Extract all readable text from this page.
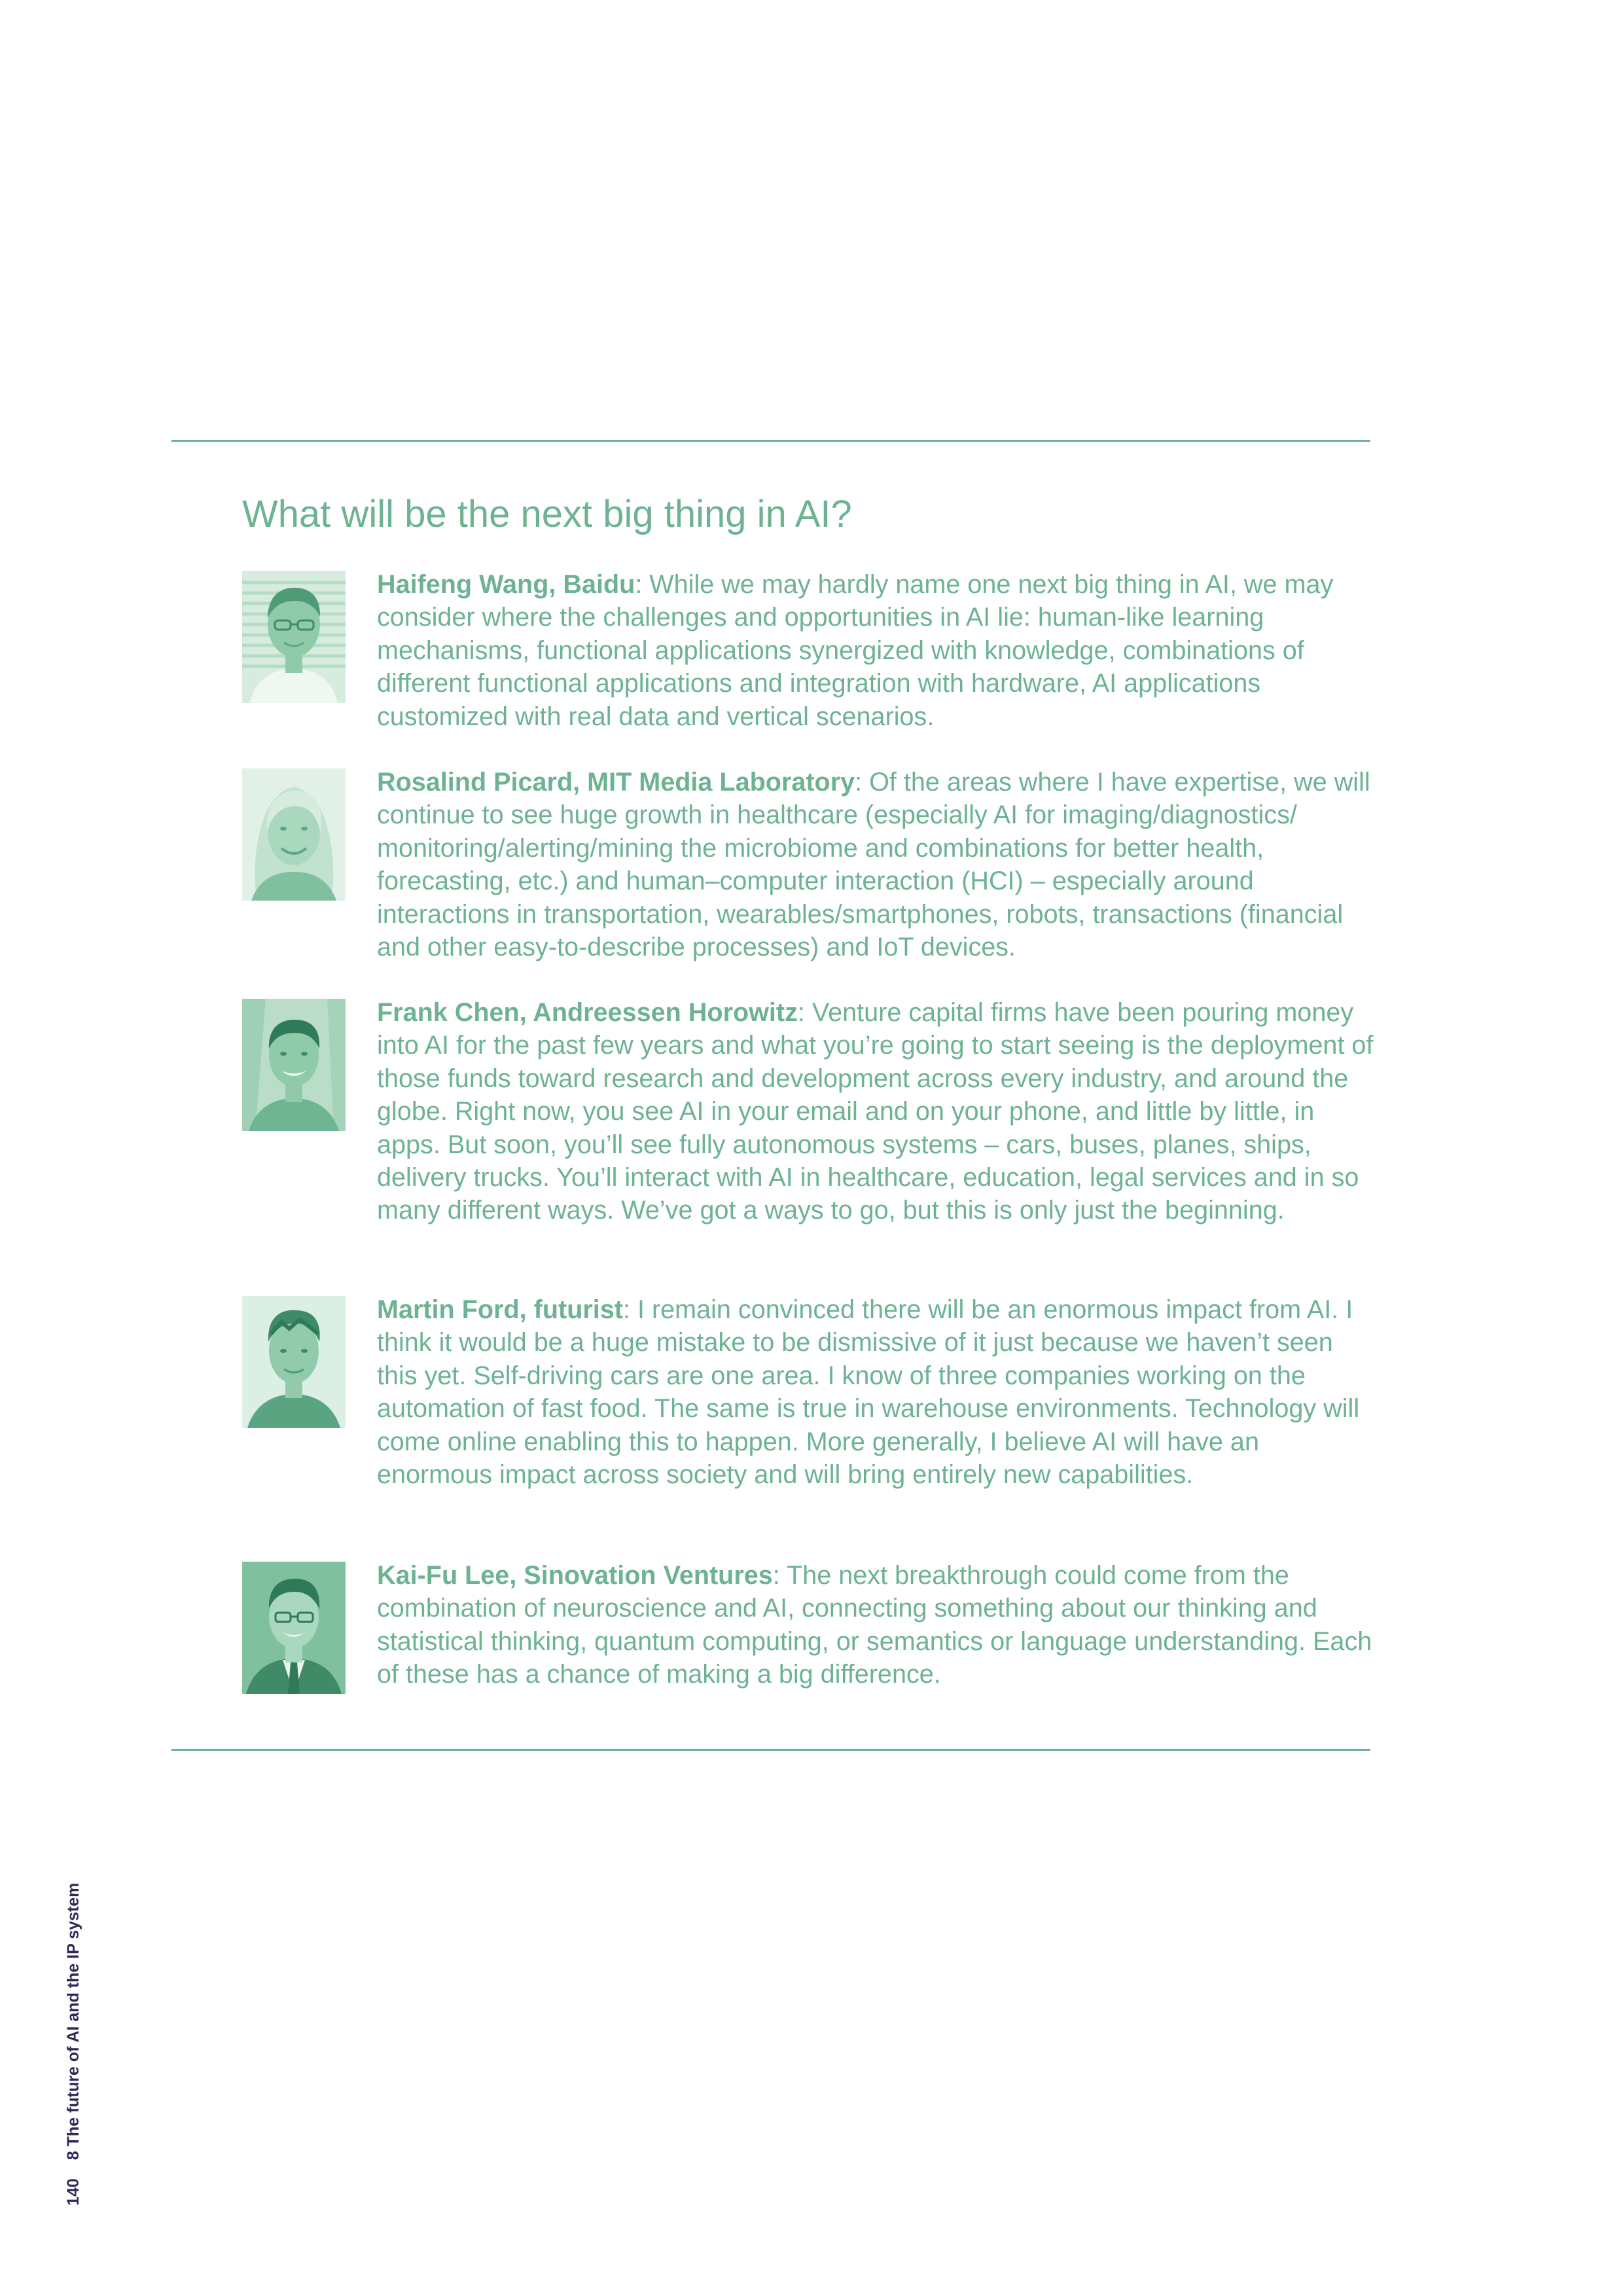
What will be the next big thing in AI?

Haifeng Wang, Baidu: While we may hardly name one next big thing in AI, we may consider where the challenges and opportunities in AI lie: human-like learning mechanisms, functional applications synergized with knowledge, combinations of different functional applications and integration with hardware, AI applications customized with real data and vertical scenarios.

Rosalind Picard, MIT Media Laboratory: Of the areas where I have expertise, we will continue to see huge growth in healthcare (especially AI for imaging/​diagnostics/​monitoring/​alerting/​mining the microbiome and combinations for better health, forecasting, etc.) and human–computer interaction (HCI) – especially around interactions in transportation, wearables/smartphones, robots, transactions (financial and other easy-to-describe processes) and IoT devices.

Frank Chen, Andreessen Horowitz: Venture capital firms have been pouring money into AI for the past few years and what you’re going to start seeing is the deployment of those funds toward research and development across every industry, and around the globe. Right now, you see AI in your email and on your phone, and little by little, in apps. But soon, you’ll see fully autonomous systems – cars, buses, planes, ships, delivery trucks. You’ll interact with AI in healthcare, education, legal services and in so many different ways. We’ve got a ways to go, but this is only just the beginning.

Martin Ford, futurist: I remain convinced there will be an enormous impact from AI. I think it would be a huge mistake to be dismissive of it just because we haven’t seen this yet. Self-driving cars are one area. I know of three companies working on the automation of fast food. The same is true in warehouse environments. Technology will come online enabling this to happen. More generally, I believe AI will have an enormous impact across society and will bring entirely new capabilities.

Kai-Fu Lee, Sinovation Ventures: The next breakthrough could come from the combination of neuroscience and AI, connecting something about our thinking and statistical thinking, quantum computing, or semantics or language understanding. Each of these has a chance of making a big difference.

1408 The future of AI and the IP system
